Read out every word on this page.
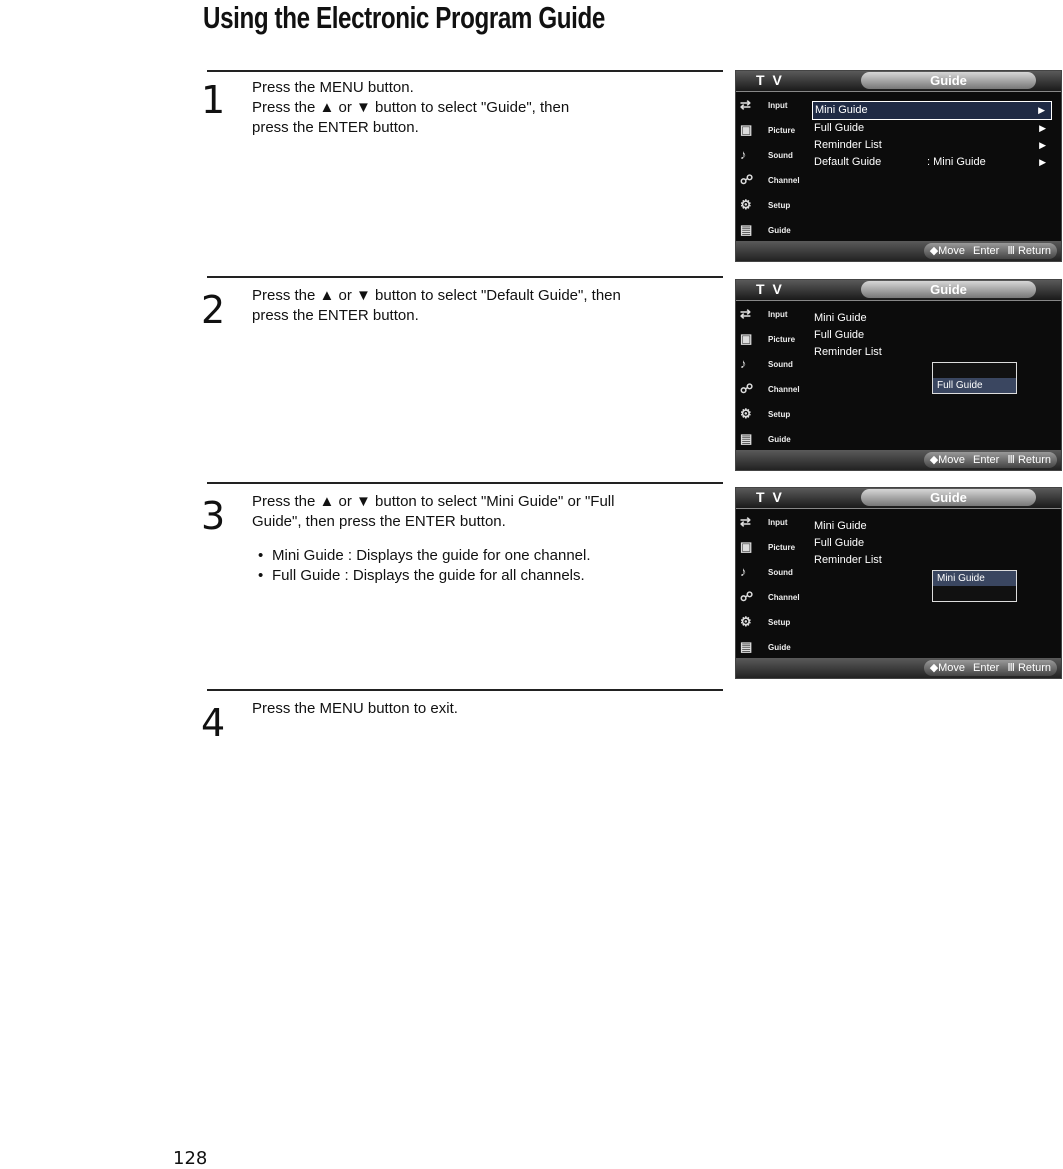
Using the Electronic Program Guide
1 Press the MENU button.

Press the ▲ or ▼ button to select "Guide", then

press the ENTER button.

2 Press the ▲ or ▼ button to select "Default Guide", then

press the ENTER button.

3 Press the ▲ or ▼ button to select "Mini Guide" or "Full

Guide", then press the ENTER button.

• Mini Guide : Displays the guide for one channel.
• Full Guide : Displays the guide for all channels.
4 Press the MENU button to exit.

T V	Guide
⇄	Input
▣ Picture
♪	Sound
☍ Channel
⚙ Setup
▤ Guide
Mini Guide	▶
Full Guide	▶
Reminder List	▶
Default Guide	: Mini Guide	▶
◆Move Enter Ⅲ Return
T V	Guide
⇄	Input
▣ Picture
♪	Sound
☍ Channel
⚙ Setup
▤ Guide
Mini Guide
Full Guide
Reminder List
Full Guide
◆Move Enter Ⅲ Return
T V	Guide
⇄	Input
▣ Picture
♪	Sound
☍ Channel
⚙ Setup
▤ Guide
Mini Guide
Full Guide
Reminder List
Mini Guide
◆Move Enter Ⅲ Return
128
